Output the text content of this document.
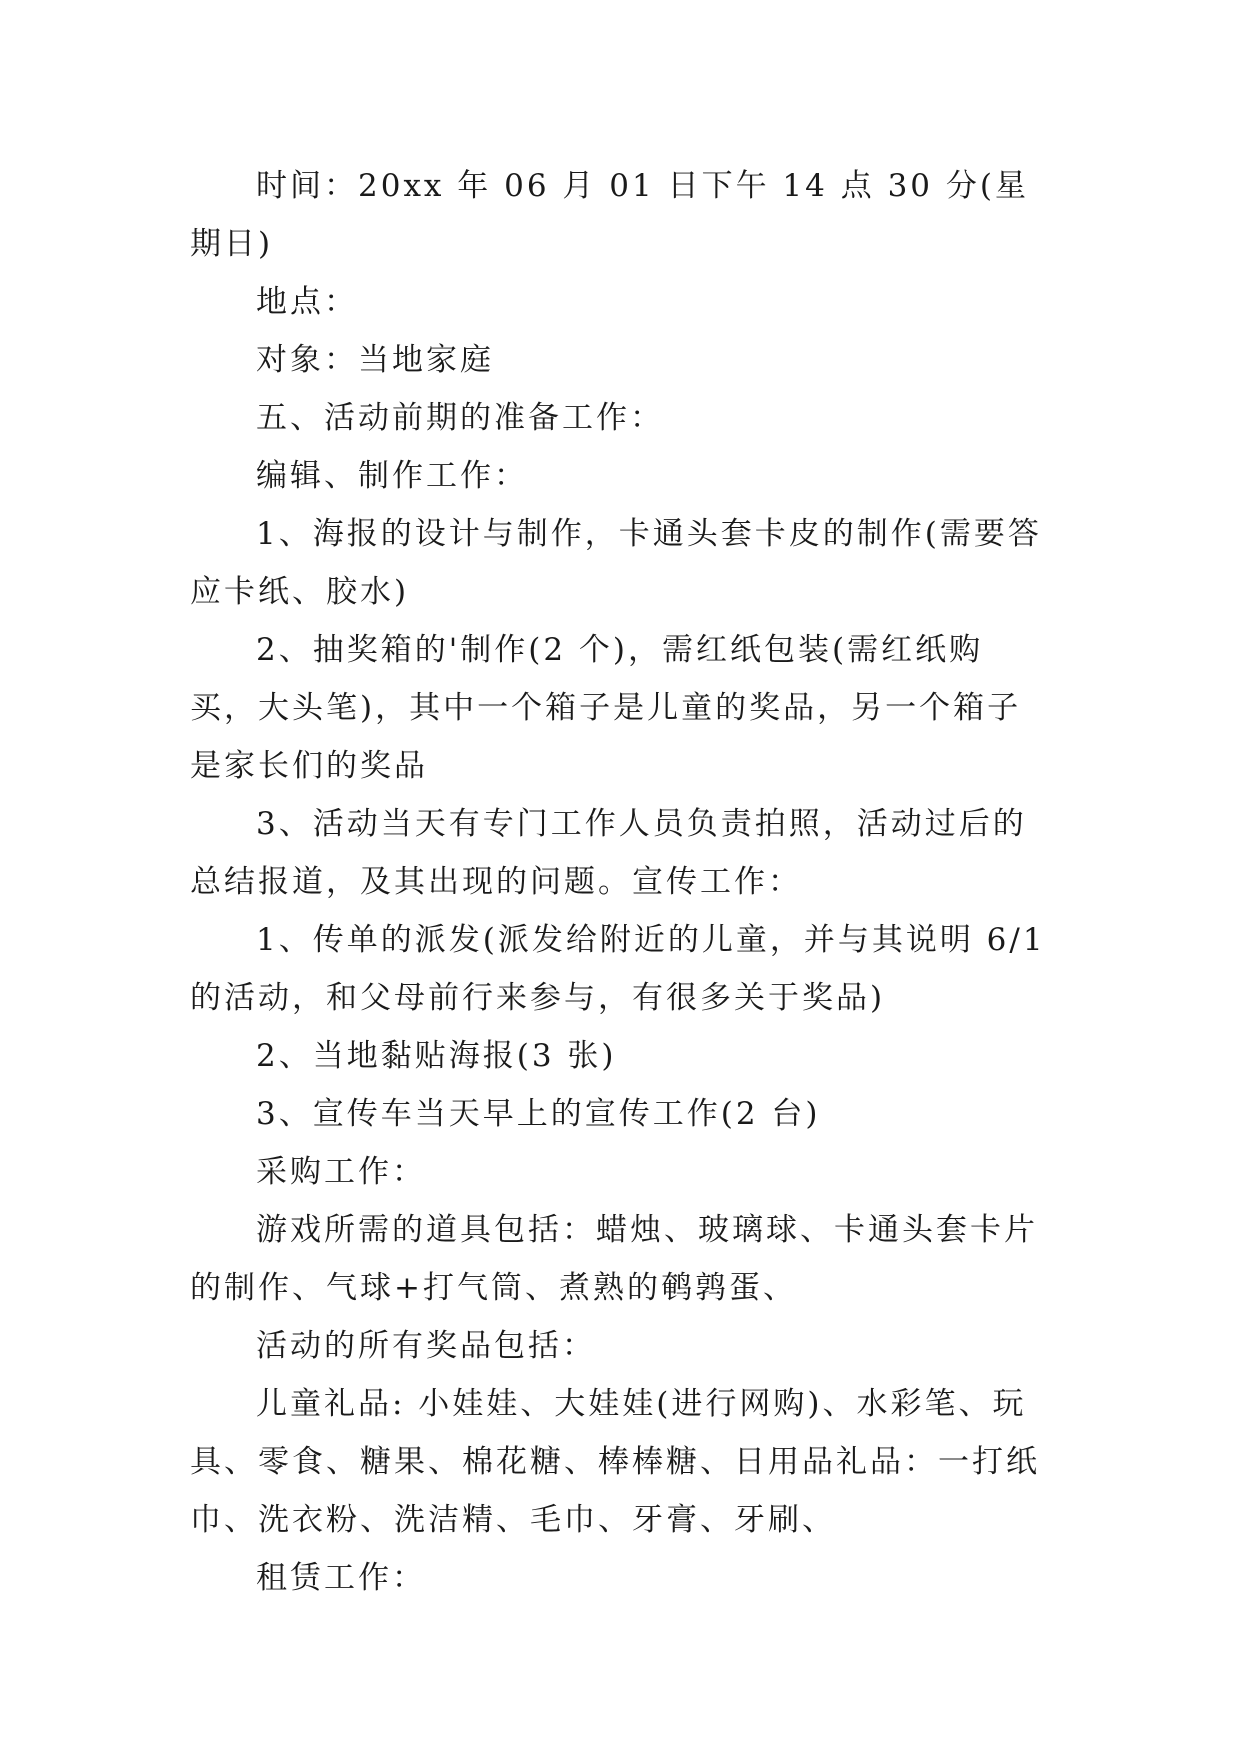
时间：20xx 年 06 月 01 日下午 14 点 30 分(星期日)

地点：

对象：当地家庭

五、活动前期的准备工作：

编辑、制作工作：

1、海报的设计与制作，卡通头套卡皮的制作(需要答应卡纸、胶水)

2、抽奖箱的'制作(2 个)，需红纸包装(需红纸购买，大头笔)，其中一个箱子是儿童的奖品，另一个箱子是家长们的奖品

3、活动当天有专门工作人员负责拍照，活动过后的总结报道，及其出现的问题。宣传工作：

1、传单的派发(派发给附近的儿童，并与其说明 6/1 的活动，和父母前行来参与，有很多关于奖品)

2、当地黏贴海报(3 张)

3、宣传车当天早上的宣传工作(2 台)

采购工作：

游戏所需的道具包括：蜡烛、玻璃球、卡通头套卡片的制作、气球+打气筒、煮熟的鹌鹑蛋、

活动的所有奖品包括：

儿童礼品: 小娃娃、大娃娃(进行网购)、水彩笔、玩具、零食、糖果、棉花糖、棒棒糖、日用品礼品：一打纸巾、洗衣粉、洗洁精、毛巾、牙膏、牙刷、

租赁工作：
